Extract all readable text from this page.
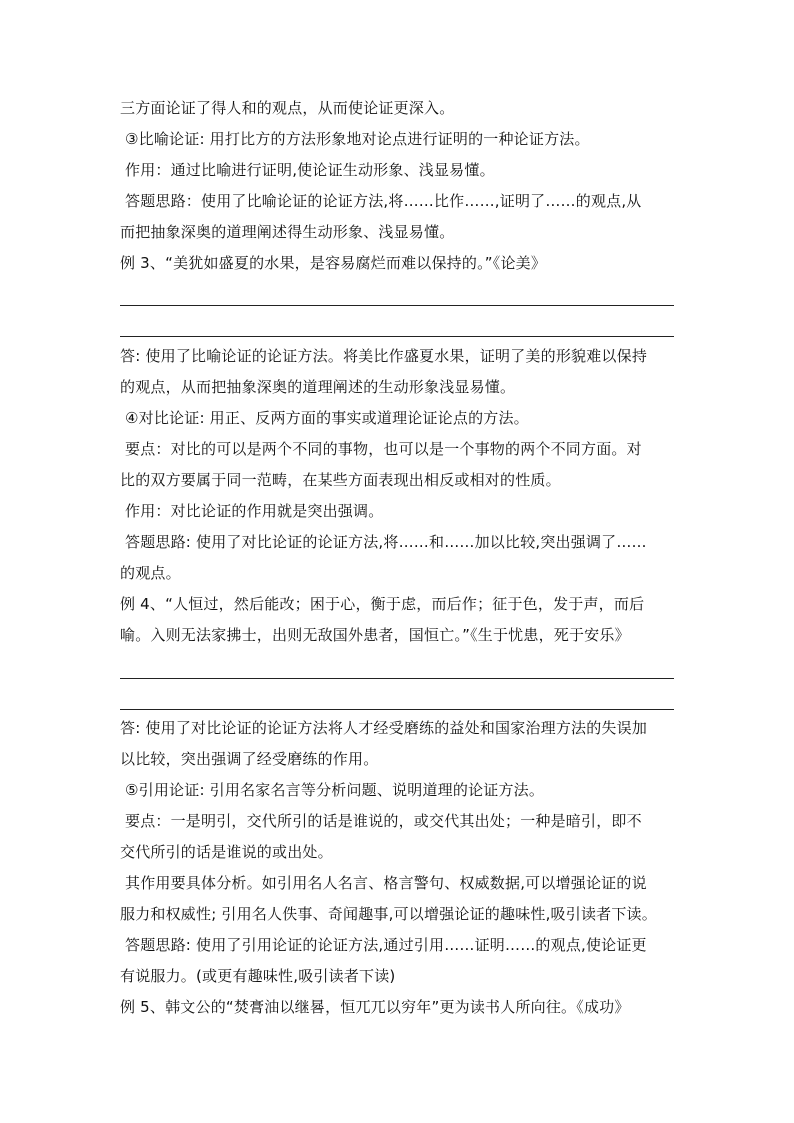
三方面论证了得人和的观点，从而使论证更深入。
③比喻论证: 用打比方的方法形象地对论点进行证明的一种论证方法。
作用：通过比喻进行证明,使论证生动形象、浅显易懂。
答题思路：使用了比喻论证的论证方法,将……比作……,证明了……的观点,从
而把抽象深奥的道理阐述得生动形象、浅显易懂。
例 3、“美犹如盛夏的水果，是容易腐烂而难以保持的。”《论美》
答: 使用了比喻论证的论证方法。将美比作盛夏水果，证明了美的形貌难以保持
的观点，从而把抽象深奥的道理阐述的生动形象浅显易懂。
④对比论证: 用正、反两方面的事实或道理论证论点的方法。
要点：对比的可以是两个不同的事物，也可以是一个事物的两个不同方面。对
比的双方要属于同一范畴，在某些方面表现出相反或相对的性质。
作用：对比论证的作用就是突出强调。
答题思路: 使用了对比论证的论证方法,将……和……加以比较,突出强调了……
的观点。
例 4、“人恒过，然后能改；困于心，衡于虑，而后作；征于色，发于声，而后
喻。入则无法家拂士，出则无敌国外患者，国恒亡。”《生于忧患，死于安乐》
答: 使用了对比论证的论证方法将人才经受磨练的益处和国家治理方法的失误加
以比较，突出强调了经受磨练的作用。
⑤引用论证: 引用名家名言等分析问题、说明道理的论证方法。
要点：一是明引，交代所引的话是谁说的，或交代其出处；一种是暗引，即不
交代所引的话是谁说的或出处。
其作用要具体分析。如引用名人名言、格言警句、权威数据,可以增强论证的说
服力和权威性; 引用名人佚事、奇闻趣事,可以增强论证的趣味性,吸引读者下读。
答题思路: 使用了引用论证的论证方法,通过引用……证明……的观点,使论证更
有说服力。(或更有趣味性,吸引读者下读)
例 5、韩文公的“焚膏油以继晷，恒兀兀以穷年”更为读书人所向往。《成功》
